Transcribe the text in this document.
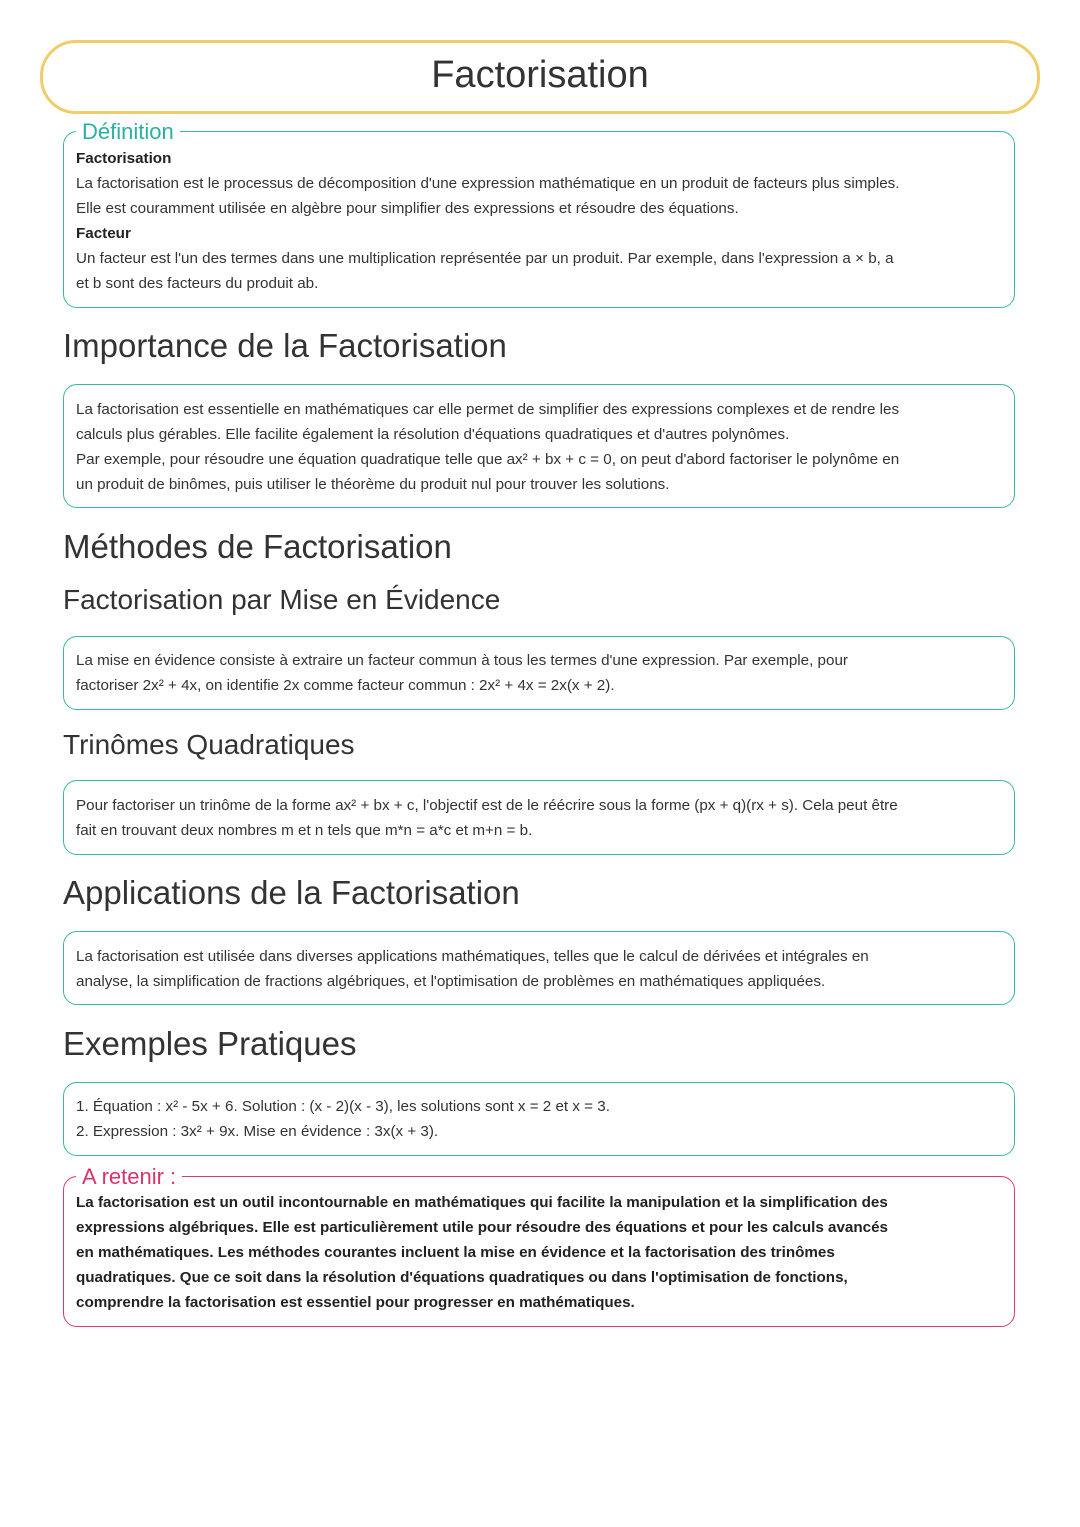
Factorisation
Définition
Factorisation
La factorisation est le processus de décomposition d'une expression mathématique en un produit de facteurs plus simples.
Elle est couramment utilisée en algèbre pour simplifier des expressions et résoudre des équations.
Facteur
Un facteur est l'un des termes dans une multiplication représentée par un produit. Par exemple, dans l'expression a × b, a
et b sont des facteurs du produit ab.
Importance de la Factorisation
La factorisation est essentielle en mathématiques car elle permet de simplifier des expressions complexes et de rendre les
calculs plus gérables. Elle facilite également la résolution d'équations quadratiques et d'autres polynômes.
Par exemple, pour résoudre une équation quadratique telle que ax² + bx + c = 0, on peut d'abord factoriser le polynôme en
un produit de binômes, puis utiliser le théorème du produit nul pour trouver les solutions.
Méthodes de Factorisation
Factorisation par Mise en Évidence
La mise en évidence consiste à extraire un facteur commun à tous les termes d'une expression. Par exemple, pour
factoriser 2x² + 4x, on identifie 2x comme facteur commun : 2x² + 4x = 2x(x + 2).
Trinômes Quadratiques
Pour factoriser un trinôme de la forme ax² + bx + c, l'objectif est de le réécrire sous la forme (px + q)(rx + s). Cela peut être
fait en trouvant deux nombres m et n tels que m*n = a*c et m+n = b.
Applications de la Factorisation
La factorisation est utilisée dans diverses applications mathématiques, telles que le calcul de dérivées et intégrales en
analyse, la simplification de fractions algébriques, et l'optimisation de problèmes en mathématiques appliquées.
Exemples Pratiques
1. Équation : x² - 5x + 6. Solution : (x - 2)(x - 3), les solutions sont x = 2 et x = 3.
2. Expression : 3x² + 9x. Mise en évidence : 3x(x + 3).
A retenir :
La factorisation est un outil incontournable en mathématiques qui facilite la manipulation et la simplification des
expressions algébriques. Elle est particulièrement utile pour résoudre des équations et pour les calculs avancés
en mathématiques. Les méthodes courantes incluent la mise en évidence et la factorisation des trinômes
quadratiques. Que ce soit dans la résolution d'équations quadratiques ou dans l'optimisation de fonctions,
comprendre la factorisation est essentiel pour progresser en mathématiques.
